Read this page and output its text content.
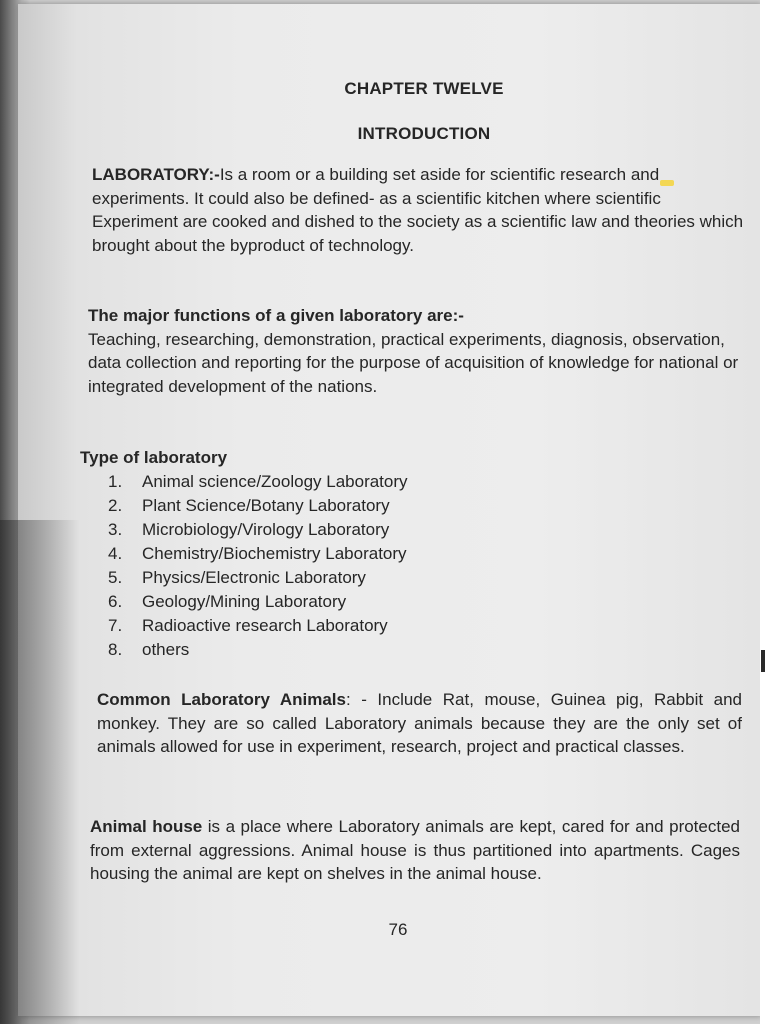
CHAPTER TWELVE
INTRODUCTION

LABORATORY:-Is a room or a building set aside for scientific research and experiments. It could also be defined- as a scientific kitchen where scientific
Experiment are cooked and dished to the society as a scientific law and theories which brought about the byproduct of technology.

The major functions of a given laboratory are:-
Teaching, researching, demonstration, practical experiments, diagnosis, observation, data collection and reporting for the purpose of acquisition of knowledge for national or integrated development of the nations.

Type of laboratory
1. Animal science/Zoology Laboratory
2. Plant Science/Botany Laboratory
3. Microbiology/Virology Laboratory
4. Chemistry/Biochemistry Laboratory
5. Physics/Electronic Laboratory
6. Geology/Mining Laboratory
7. Radioactive research Laboratory
8. others

Common Laboratory Animals: - Include Rat, mouse, Guinea pig, Rabbit and monkey. They are so called Laboratory animals because they are the only set of animals allowed for use in experiment, research, project and practical classes.

Animal house is a place where Laboratory animals are kept, cared for and protected from external aggressions. Animal house is thus partitioned into apartments. Cages housing the animal are kept on shelves in the animal house.

76
